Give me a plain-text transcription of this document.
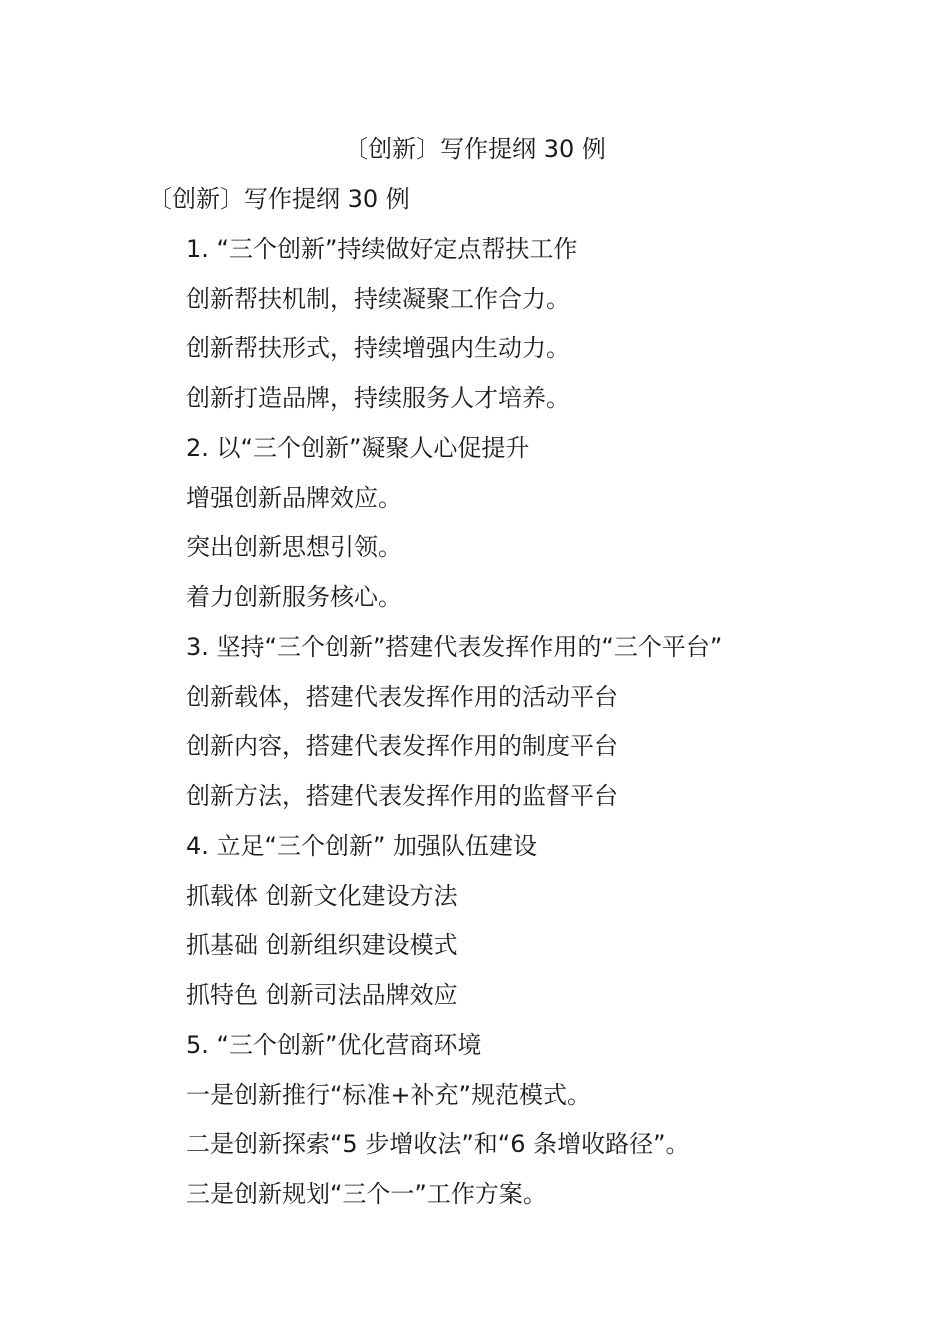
〔创新〕写作提纲 30 例
〔创新〕写作提纲 30 例
1. “三个创新”持续做好定点帮扶工作
创新帮扶机制，持续凝聚工作合力。
创新帮扶形式，持续增强内生动力。
创新打造品牌，持续服务人才培养。
2. 以“三个创新”凝聚人心促提升
增强创新品牌效应。
突出创新思想引领。
着力创新服务核心。
3. 坚持“三个创新”搭建代表发挥作用的“三个平台”
创新载体，搭建代表发挥作用的活动平台
创新内容，搭建代表发挥作用的制度平台
创新方法，搭建代表发挥作用的监督平台
4. 立足“三个创新” 加强队伍建设
抓载体 创新文化建设方法
抓基础 创新组织建设模式
抓特色 创新司法品牌效应
5. “三个创新”优化营商环境
一是创新推行“标准+补充”规范模式。
二是创新探索“5 步增收法”和“6 条增收路径”。
三是创新规划“三个一”工作方案。
